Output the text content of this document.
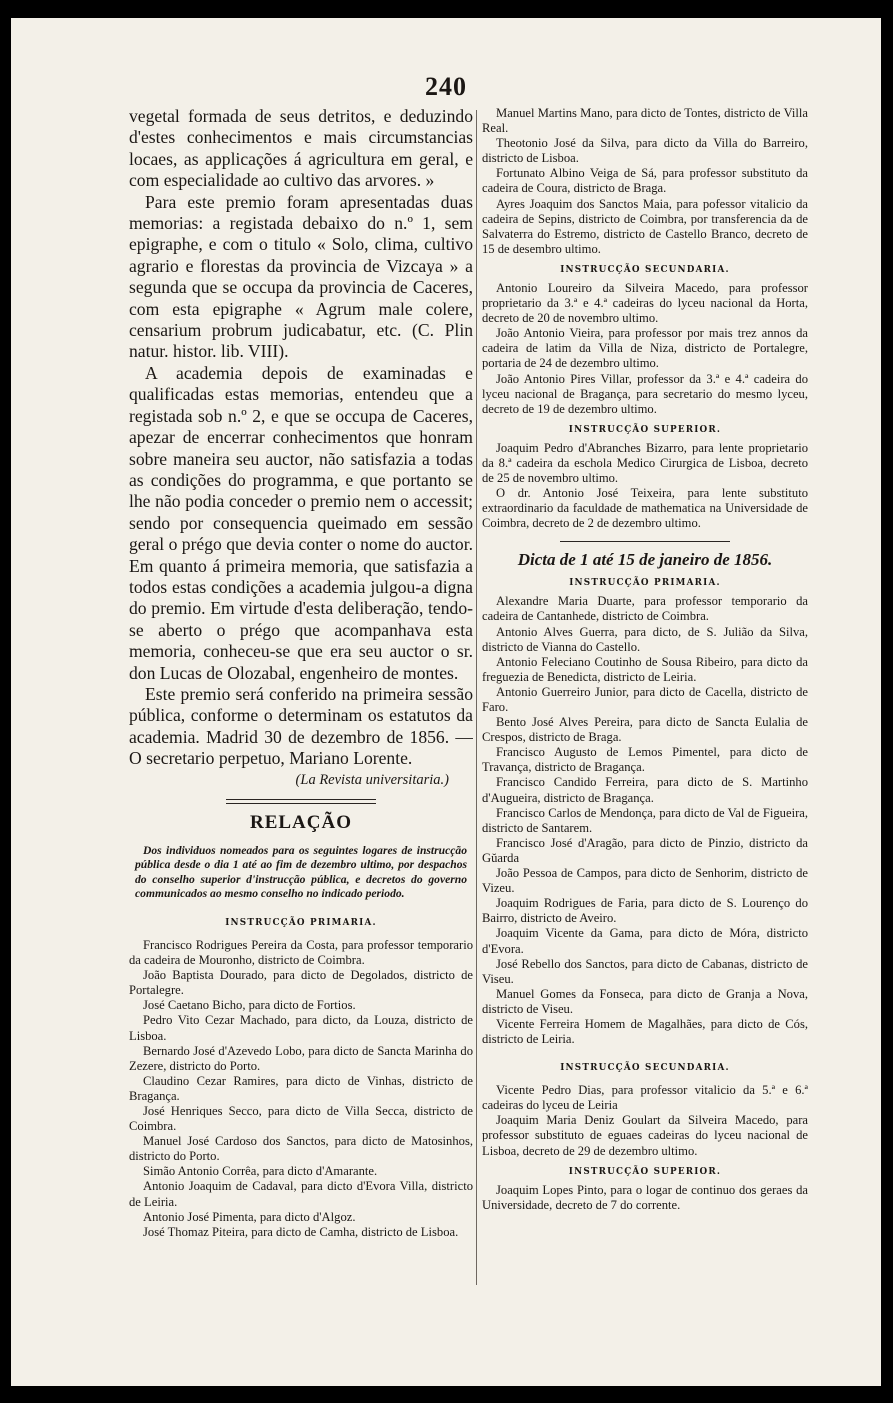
240

vegetal formada de seus detritos, e deduzindo d'estes conhecimentos e mais circumstancias locaes, as applicações á agricultura em geral, e com especialidade ao cultivo das arvores. »

Para este premio foram apresentadas duas memorias: a registada debaixo do n.º 1, sem epigraphe, e com o titulo « Solo, clima, cultivo agrario e florestas da provincia de Vizcaya » a segunda que se occupa da provincia de Caceres, com esta epigraphe « Agrum male colere, censarium probrum judicabatur, etc. (C. Plin natur. histor. lib. VIII).

A academia depois de examinadas e qualificadas estas memorias, entendeu que a registada sob n.º 2, e que se occupa de Caceres, apezar de encerrar conhecimentos que honram sobre maneira seu auctor, não satisfazia a todas as condições do programma, e que portanto se lhe não podia conceder o premio nem o accessit; sendo por consequencia queimado em sessão geral o prégo que devia conter o nome do auctor. Em quanto á primeira memoria, que satisfazia a todos estas condições a academia julgou-a digna do premio. Em virtude d'esta deliberação, tendo-se aberto o prégo que acompanhava esta memoria, conheceu-se que era seu auctor o sr. don Lucas de Olozabal, engenheiro de montes.

Este premio será conferido na primeira sessão pública, conforme o determinam os estatutos da academia. Madrid 30 de dezembro de 1856. — O secretario perpetuo, Mariano Lorente.

(La Revista universitaria.)
RELAÇÃO
Dos individuos nomeados para os seguintes logares de instrucção pública desde o dia 1 até ao fim de dezembro ultimo, por despachos do conselho superior d'instrucção pública, e decretos do governo communicados ao mesmo conselho no indicado periodo.
INSTRUCÇÃO PRIMARIA.

Francisco Rodrigues Pereira da Costa, para professor temporario da cadeira de Mouronho, districto de Coimbra.

João Baptista Dourado, para dicto de Degolados, districto de Portalegre.

José Caetano Bicho, para dicto de Fortios.

Pedro Vito Cezar Machado, para dicto, da Louza, districto de Lisboa.

Bernardo José d'Azevedo Lobo, para dicto de Sancta Marinha do Zezere, districto do Porto.

Claudino Cezar Ramires, para dicto de Vinhas, districto de Bragança.

José Henriques Secco, para dicto de Villa Secca, districto de Coimbra.

Manuel José Cardoso dos Sanctos, para dicto de Matosinhos, districto do Porto.

Simão Antonio Corrêa, para dicto d'Amarante.

Antonio Joaquim de Cadaval, para dicto d'Evora Villa, districto de Leiria.

Antonio José Pimenta, para dicto d'Algoz.

José Thomaz Piteira, para dicto de Camha, districto de Lisboa.

Manuel Martins Mano, para dicto de Tontes, districto de Villa Real.

Theotonio José da Silva, para dicto da Villa do Barreiro, districto de Lisboa.

Fortunato Albino Veiga de Sá, para professor substituto da cadeira de Coura, districto de Braga.

Ayres Joaquim dos Sanctos Maia, para pofessor vitalicio da cadeira de Sepins, districto de Coimbra, por transferencia da de Salvaterra do Estremo, districto de Castello Branco, decreto de 15 de desembro ultimo.

INSTRUCÇÃO SECUNDARIA.

Antonio Loureiro da Silveira Macedo, para professor proprietario da 3.ª e 4.ª cadeiras do lyceu nacional da Horta, decreto de 20 de novembro ultimo.

João Antonio Vieira, para professor por mais trez annos da cadeira de latim da Villa de Niza, districto de Portalegre, portaria de 24 de dezembro ultimo.

João Antonio Pires Villar, professor da 3.ª e 4.ª cadeira do lyceu nacional de Bragança, para secretario do mesmo lyceu, decreto de 19 de dezembro ultimo.

INSTRUCÇÃO SUPERIOR.

Joaquim Pedro d'Abranches Bizarro, para lente proprietario da 8.ª cadeira da eschola Medico Cirurgica de Lisboa, decreto de 25 de novembro ultimo.

O dr. Antonio José Teixeira, para lente substituto extraordinario da faculdade de mathematica na Universidade de Coimbra, decreto de 2 de dezembro ultimo.

Dicta de 1 até 15 de janeiro de 1856.
INSTRUCÇÃO PRIMARIA.

Alexandre Maria Duarte, para professor temporario da cadeira de Cantanhede, districto de Coimbra.

Antonio Alves Guerra, para dicto, de S. Julião da Silva, districto de Vianna do Castello.

Antonio Feleciano Coutinho de Sousa Ribeiro, para dicto da freguezia de Benedicta, districto de Leiria.

Antonio Guerreiro Junior, para dicto de Cacella, districto de Faro.

Bento José Alves Pereira, para dicto de Sancta Eulalia de Crespos, districto de Braga.

Francisco Augusto de Lemos Pimentel, para dicto de Travança, districto de Bragança.

Francisco Candido Ferreira, para dicto de S. Martinho d'Augueira, districto de Bragança.

Francisco Carlos de Mendonça, para dicto de Val de Figueira, districto de Santarem.

Francisco José d'Aragão, para dicto de Pinzio, districto da Gŭarda

João Pessoa de Campos, para dicto de Senhorim, districto de Vizeu.

Joaquim Rodrigues de Faria, para dicto de S. Lourenço do Bairro, districto de Aveiro.

Joaquim Vicente da Gama, para dicto de Móra, districto d'Evora.

José Rebello dos Sanctos, para dicto de Cabanas, districto de Viseu.

Manuel Gomes da Fonseca, para dicto de Granja a Nova, districto de Viseu.

Vicente Ferreira Homem de Magalhães, para dicto de Cós, districto de Leiria.

INSTRUCÇÃO SECUNDARIA.

Vicente Pedro Dias, para professor vitalicio da 5.ª e 6.ª cadeiras do lyceu de Leiria

Joaquim Maria Deniz Goulart da Silveira Macedo, para professor substituto de eguaes cadeiras do lyceu nacional de Lisboa, decreto de 29 de dezembro ultimo.

INSTRUCÇÃO SUPERIOR.

Joaquim Lopes Pinto, para o logar de continuo dos geraes da Universidade, decreto de 7 do corrente.
